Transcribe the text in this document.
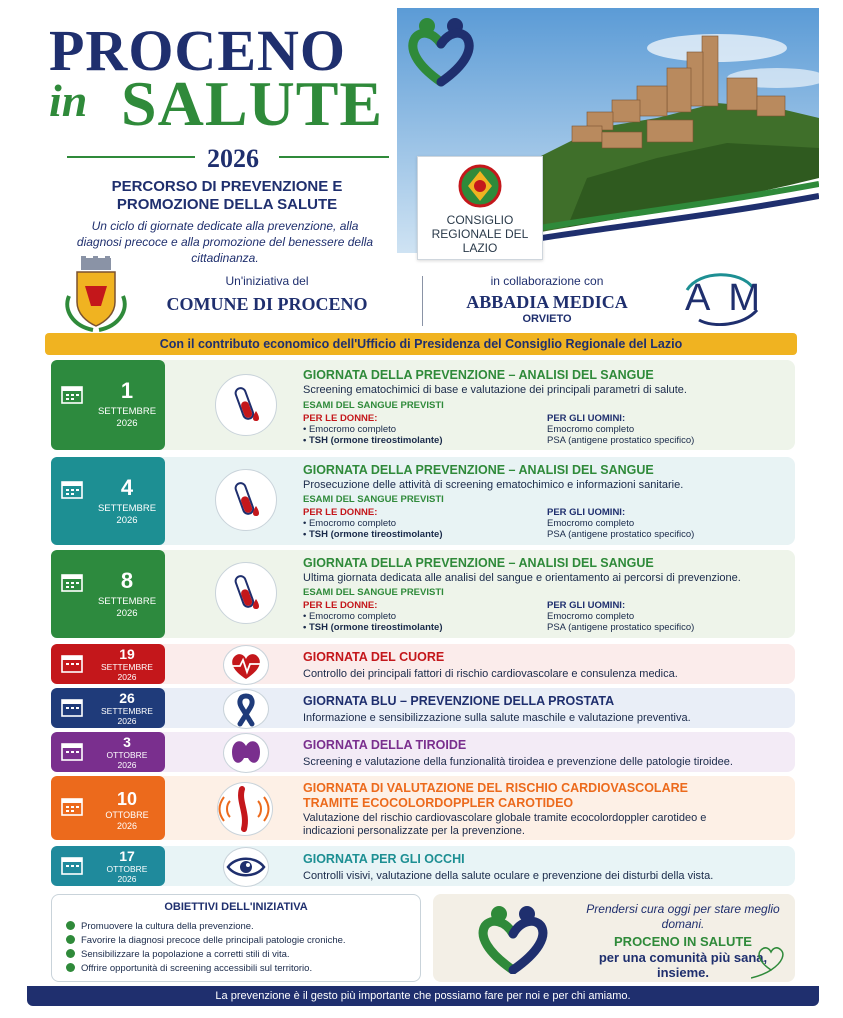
PROCENO
in SALUTE
2026
PERCORSO DI PREVENZIONE E PROMOZIONE DELLA SALUTE
Un ciclo di giornate dedicate alla prevenzione, alla diagnosi precoce e alla promozione del benessere della cittadinanza.
CONSIGLIO REGIONALE DEL LAZIO
Un'iniziativa del
COMUNE DI PROCENO
in collaborazione con
ABBADIA MEDICA
ORVIETO	AM
Con il contributo economico dell'Ufficio di Presidenza del Consiglio Regionale del Lazio
1
SETTEMBRE
2026
GIORNATA DELLA PREVENZIONE – ANALISI DEL SANGUE
Screening ematochimici di base e valutazione dei principali parametri di salute.
ESAMI DEL SANGUE PREVISTI
PER LE DONNE:
• Emocromo completo
• TSH (ormone tireostimolante)
PER GLI UOMINI:
Emocromo completo
PSA (antigene prostatico specifico)
4
SETTEMBRE
2026
GIORNATA DELLA PREVENZIONE – ANALISI DEL SANGUE
Prosecuzione delle attività di screening ematochimico e informazioni sanitarie.
ESAMI DEL SANGUE PREVISTI
PER LE DONNE:
• Emocromo completo
• TSH (ormone tireostimolante)
PER GLI UOMINI:
Emocromo completo
PSA (antigene prostatico specifico)
8
SETTEMBRE
2026
GIORNATA DELLA PREVENZIONE – ANALISI DEL SANGUE
Ultima giornata dedicata alle analisi del sangue e orientamento ai percorsi di prevenzione.
ESAMI DEL SANGUE PREVISTI
PER LE DONNE:
• Emocromo completo
• TSH (ormone tireostimolante)
PER GLI UOMINI:
Emocromo completo
PSA (antigene prostatico specifico)
19
SETTEMBRE
2026
GIORNATA DEL CUORE
Controllo dei principali fattori di rischio cardiovascolare e consulenza medica.
26
SETTEMBRE
2026
GIORNATA BLU – PREVENZIONE DELLA PROSTATA
Informazione e sensibilizzazione sulla salute maschile e valutazione preventiva.
3
OTTOBRE
2026
GIORNATA DELLA TIROIDE
Screening e valutazione della funzionalità tiroidea e prevenzione delle patologie tiroidee.
10
OTTOBRE
2026
GIORNATA DI VALUTAZIONE DEL RISCHIO CARDIOVASCOLARE TRAMITE ECOCOLORDOPPLER CAROTIDEO
Valutazione del rischio cardiovascolare globale tramite ecocolordoppler carotideo e indicazioni personalizzate per la prevenzione.
17
OTTOBRE
2026
GIORNATA PER GLI OCCHI
Controlli visivi, valutazione della salute oculare e prevenzione dei disturbi della vista.
OBIETTIVI DELL'INIZIATIVA
Promuovere la cultura della prevenzione.
Favorire la diagnosi precoce delle principali patologie croniche.
Sensibilizzare la popolazione a corretti stili di vita.
Offrire opportunità di screening accessibili sul territorio.
Prendersi cura oggi per stare meglio domani.
PROCENO IN SALUTE
per una comunità più sana, insieme.
La prevenzione è il gesto più importante che possiamo fare per noi e per chi amiamo.
